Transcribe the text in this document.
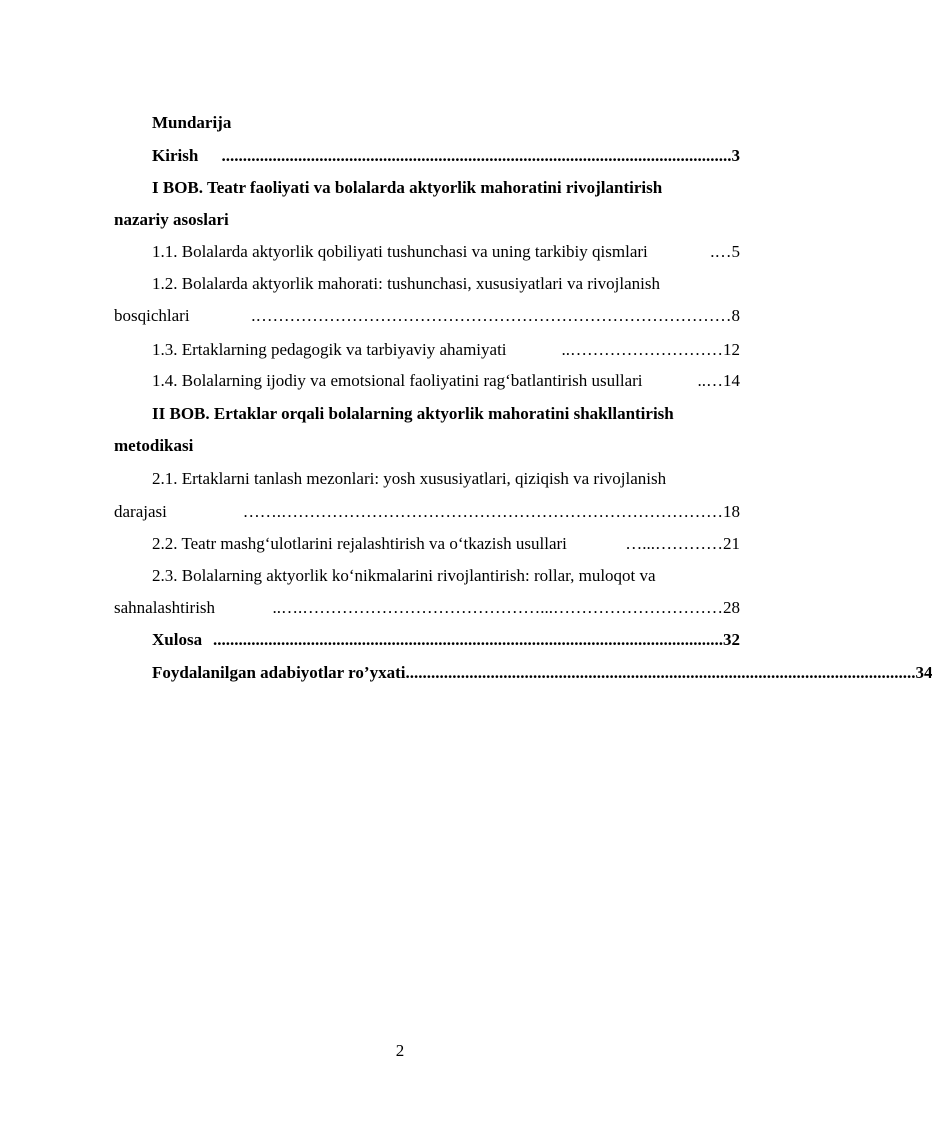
Mundarija
Kirish	........................................................................................................................ 3
I BOB. Teatr faoliyati va bolalarda aktyorlik mahoratini rivojlantirish
nazariy asoslari
1.1. Bolalarda aktyorlik qobiliyati tushunchasi va uning tarkibiy qismlari	…. 5
1.2. Bolalarda aktyorlik mahorati: tushunchasi, xususiyatlari va rivojlanish
bosqichlari	…………………………………………………………………………. 8
1.3. Ertaklarning pedagogik va tarbiyaviy ahamiyati	……………………….. 12
1.4. Bolalarning ijodiy va emotsional faoliyatini rag‘batlantirish usullari	….. 14
II BOB. Ertaklar orqali bolalarning aktyorlik mahoratini shakllantirish
metodikasi
2.1. Ertaklarni tanlash mezonlari: yosh xususiyatlari, qiziqish va rivojlanish
darajasi	…………………………………………………………………….…… 18
2.2. Teatr mashg‘ulotlarini rejalashtirish va o‘tkazish usullari	…………...… 21
2.3. Bolalarning aktyorlik ko‘nikmalarini rivojlantirish: rollar, muloqot va
sahnalashtirish	…………………………...…………………………………….….. 28
Xulosa ........................................................................................................................ 32
Foydalanilgan adabiyotlar ro’yxati ........................................................................................................................ 34
2
